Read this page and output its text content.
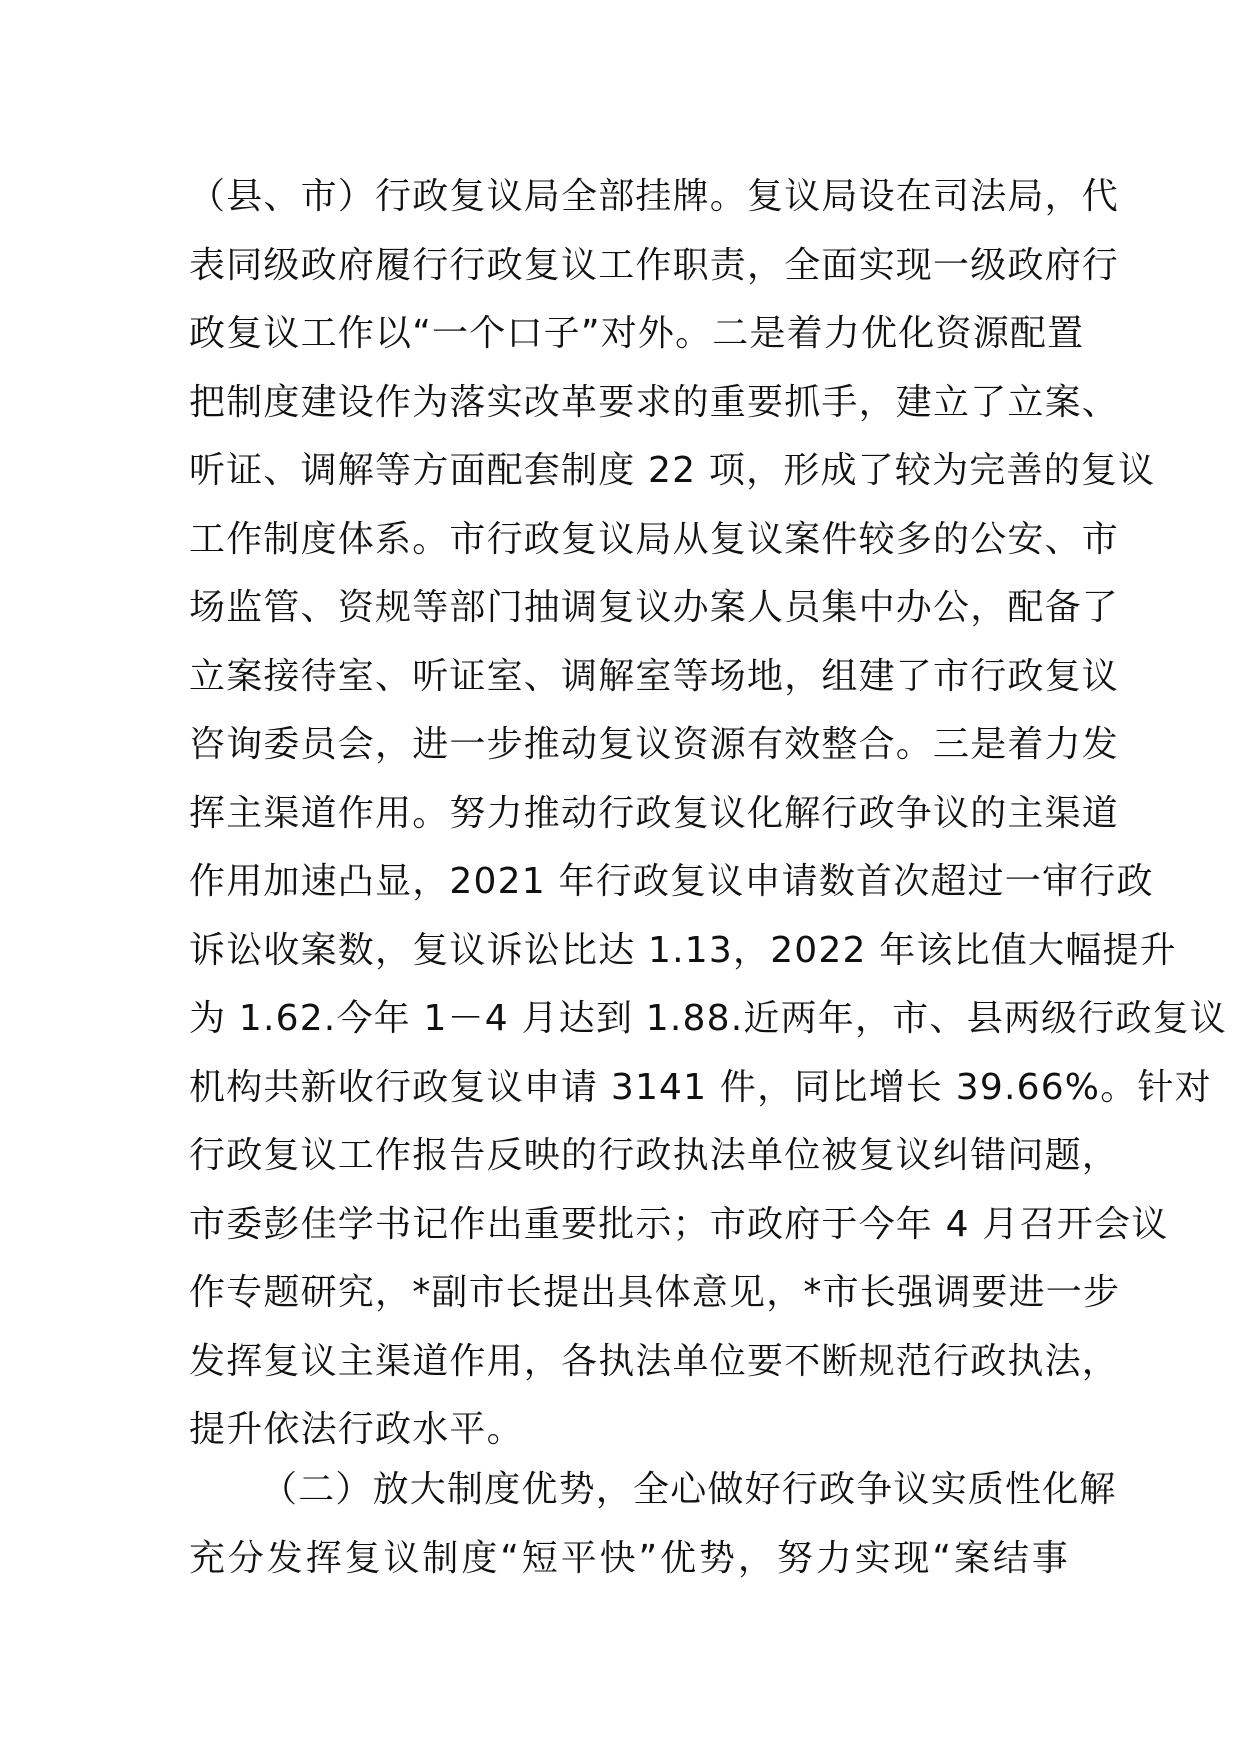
（县、市）行政复议局全部挂牌。复议局设在司法局，代
表同级政府履行行政复议工作职责，全面实现一级政府行
政复议工作以“一个口子”对外。二是着力优化资源配置
把制度建设作为落实改革要求的重要抓手，建立了立案、
听证、调解等方面配套制度 22 项，形成了较为完善的复议
工作制度体系。市行政复议局从复议案件较多的公安、市
场监管、资规等部门抽调复议办案人员集中办公，配备了
立案接待室、听证室、调解室等场地，组建了市行政复议
咨询委员会，进一步推动复议资源有效整合。三是着力发
挥主渠道作用。努力推动行政复议化解行政争议的主渠道
作用加速凸显，2021 年行政复议申请数首次超过一审行政
诉讼收案数，复议诉讼比达 1.13，2022 年该比值大幅提升
为 1.62.今年 1－4 月达到 1.88.近两年，市、县两级行政复议
机构共新收行政复议申请 3141 件，同比增长 39.66%。针对
行政复议工作报告反映的行政执法单位被复议纠错问题，
市委彭佳学书记作出重要批示；市政府于今年 4 月召开会议
作专题研究，*副市长提出具体意见，*市长强调要进一步
发挥复议主渠道作用，各执法单位要不断规范行政执法，
提升依法行政水平。
（二）放大制度优势，全心做好行政争议实质性化解
充分发挥复议制度“短平快”优势，努力实现“案结事
